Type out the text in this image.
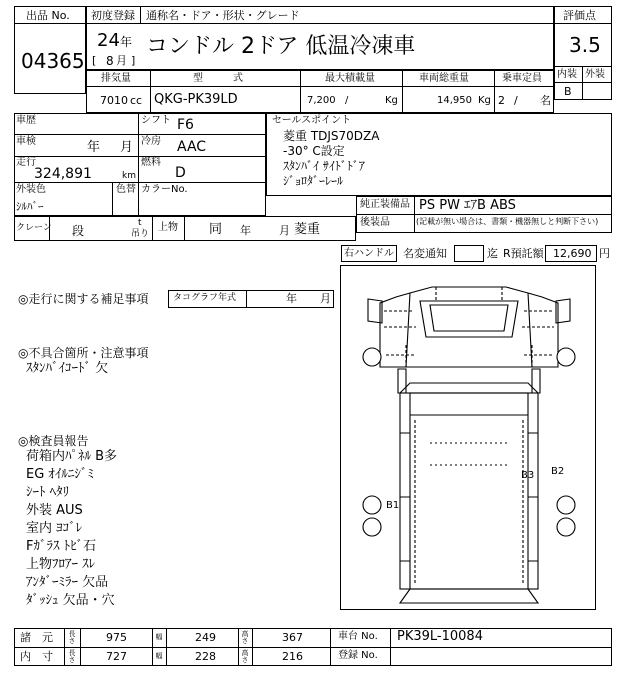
出品 No.
04365
初度登録 通称名・ドア・形状・グレード
24 年
[ 8 月 ]
コンドル 2ドア 低温冷凍車
評価点
3.5
内装 外装
B
排気量	型　　　式	最大積載量	車両総重量	乗車定員
7010 cc QKG-PK39LD	7,200 /	Kg	14,950 Kg 2 / 名
車歴	シフト F6
車検	年 月 冷房 AAC
走行
324,891	km
燃料
D
外装色
ｼﾙﾊﾞｰ
色替 カラーNo.
セールスポイント
菱重 TDJS70DZA
-30° C設定
ｽﾀﾝﾊﾞｲ ｻｲﾄﾞﾄﾞｱ
ｼﾞｮﾛﾀﾞｰﾚｰﾙ
純正装備品 PS PW ｴｱB ABS
後装品	(記載が無い場合は、書類・機器無しと判断下さい)
クレーン 段
t
吊り
上物 同 年	月 菱重
右ハンドル 名変通知	迄 R預託額 12,690 円
◎走行に関する補足事項	タコグラフ年式	年 月
◎不具合箇所・注意事項
ｽﾀﾝﾊﾞｲｺｰﾄﾞ 欠
◎検査員報告
荷箱内ﾊﾟﾈﾙ B多
EG ｵｲﾙﾆｼﾞﾐ
ｼｰﾄ ﾍﾀﾘ
外装 AUS
室内 ﾖｺﾞﾚ
Fｶﾞﾗｽ ﾄﾋﾞ石
上物ﾌﾛｱｰ ｽﾚ
ｱﾝﾀﾞｰﾐﾗｰ 欠品
ﾀﾞｯｼｭ 欠品・穴
B3 B2
B1
諸　元
内　寸
長さ
長さ
幅
幅
高さ
高さ
975	249	367
727	228	216
車台 No. PK39L-10084
登録 No.
